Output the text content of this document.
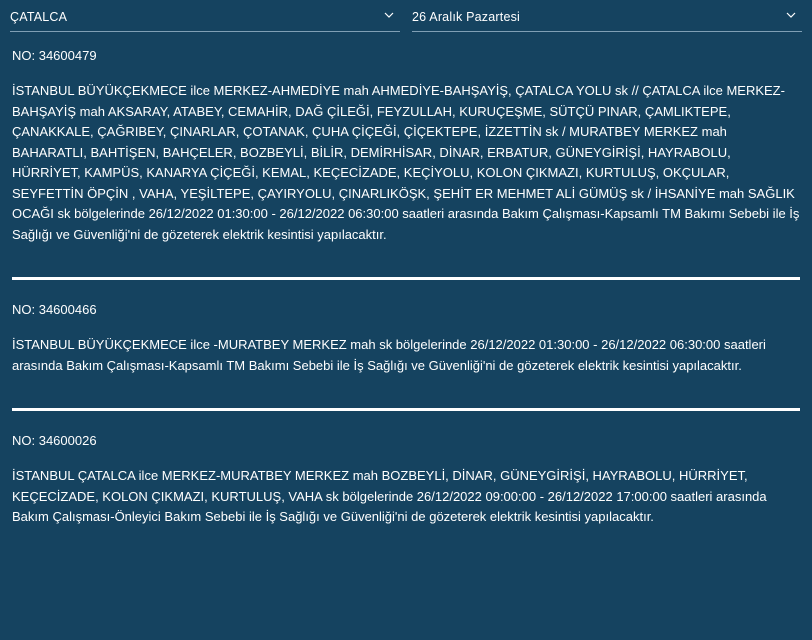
ÇATALCA	26 Aralık Pazartesi
NO: 34600479
İSTANBUL BÜYÜKÇEKMECE ilce MERKEZ-AHMEDİYE mah AHMEDİYE-BAHŞAYİŞ, ÇATALCA YOLU sk // ÇATALCA ilce MERKEZ-BAHŞAYİŞ mah AKSARAY, ATABEY, CEMAHİR, DAĞ ÇİLEĞİ, FEYZULLAH, KURUÇEŞME, SÜTÇÜ PINAR, ÇAMLIKTEPE, ÇANAKKALE, ÇAĞRIBEY, ÇINARLAR, ÇOTANAK, ÇUHA ÇİÇEĞİ, ÇİÇEKTEPE, İZZETTİN sk / MURATBEY MERKEZ mah BAHARATLI, BAHTİŞEN, BAHÇELER, BOZBEYLİ, BİLİR, DEMİRHİSAR, DİNAR, ERBATUR, GÜNEYGİRİŞİ, HAYRABOLU, HÜRRİYET, KAMPÜS, KANARYA ÇİÇEĞİ, KEMAL, KEÇECİZADE, KEÇİYOLU, KOLON ÇIKMAZI, KURTULUŞ, OKÇULAR, SEYFETTİN ÖPÇİN , VAHA, YEŞİLTEPE, ÇAYIRYOLU, ÇINARLIKÖŞK, ŞEHİT ER MEHMET ALİ GÜMÜŞ sk / İHSANİYE mah SAĞLIK OCAĞI sk bölgelerinde 26/12/2022 01:30:00 - 26/12/2022 06:30:00 saatleri arasında Bakım Çalışması-Kapsamlı TM Bakımı Sebebi ile İş Sağlığı ve Güvenliği'ni de gözeterek elektrik kesintisi yapılacaktır.
NO: 34600466
İSTANBUL BÜYÜKÇEKMECE ilce -MURATBEY MERKEZ mah sk bölgelerinde 26/12/2022 01:30:00 - 26/12/2022 06:30:00 saatleri arasında Bakım Çalışması-Kapsamlı TM Bakımı Sebebi ile İş Sağlığı ve Güvenliği'ni de gözeterek elektrik kesintisi yapılacaktır.
NO: 34600026
İSTANBUL ÇATALCA ilce MERKEZ-MURATBEY MERKEZ mah BOZBEYLİ, DİNAR, GÜNEYGİRİŞİ, HAYRABOLU, HÜRRİYET, KEÇECİZADE, KOLON ÇIKMAZI, KURTULUŞ, VAHA sk bölgelerinde 26/12/2022 09:00:00 - 26/12/2022 17:00:00 saatleri arasında Bakım Çalışması-Önleyici Bakım Sebebi ile İş Sağlığı ve Güvenliği'ni de gözeterek elektrik kesintisi yapılacaktır.
